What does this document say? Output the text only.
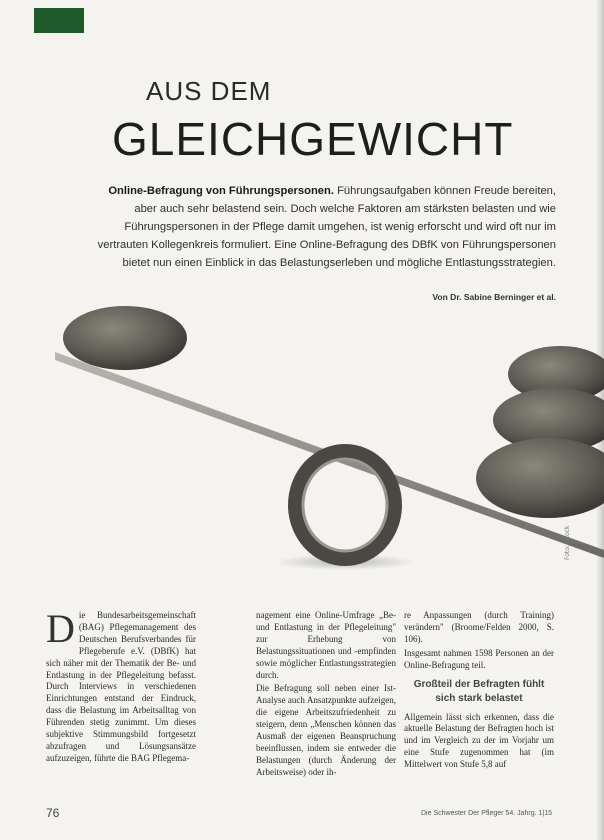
AUS DEM
GLEICHGEWICHT
Online-Befragung von Führungspersonen. Führungsaufgaben können Freude bereiten, aber auch sehr belastend sein. Doch welche Faktoren am stärksten belasten und wie Führungspersonen in der Pflege damit umgehen, ist wenig erforscht und wird oft nur im vertrauten Kollegenkreis formuliert. Eine Online-Befragung des DBfK von Führungspersonen bietet nun einen Einblick in das Belastungserleben und mögliche Entlastungsstrategien.
Von Dr. Sabine Berninger et al.
Foto: istock
D ie Bundesarbeitsgemeinschaft (BAG) Pflegemanagement des Deutschen Berufsverbandes für Pflegeberufe e.V. (DBfK) hat sich näher mit der Thematik der Be- und Entlastung in der Pflegeleitung befasst. Durch Interviews in verschiedenen Einrichtungen entstand der Eindruck, dass die Belastung im Arbeitsalltag von Führenden stetig zunimmt. Um dieses subjektive Stimmungsbild fortgesetzt abzufragen und Lösungsansätze aufzuzeigen, führte die BAG Pflegema-

nagement eine Online-Umfrage „Be- und Entlastung in der Pflegeleitung" zur Erhebung von Belastungssituationen und -empfinden sowie möglicher Entlastungsstrategien durch.

Die Befragung soll neben einer Ist-Analyse auch Ansatzpunkte aufzeigen, die eigene Arbeitszufriedenheit zu steigern, denn „Menschen können das Ausmaß der eigenen Beanspruchung beeinflussen, indem sie entweder die Belastungen (durch Änderung der Arbeitsweise) oder ih-

re Anpassungen (durch Training) verändern" (Broome/Felden 2000, S. 106).

Insgesamt nahmen 1598 Personen an der Online-Befragung teil.

Großteil der Befragten fühlt sich stark belastet

Allgemein lässt sich erkennen, dass die aktuelle Belastung der Befragten hoch ist und im Vergleich zu der im Vorjahr um eine Stufe zugenommen hat (im Mittelwert von Stufe 5,8 auf

76	Die Schwester Der Pfleger 54. Jahrg. 1|15
